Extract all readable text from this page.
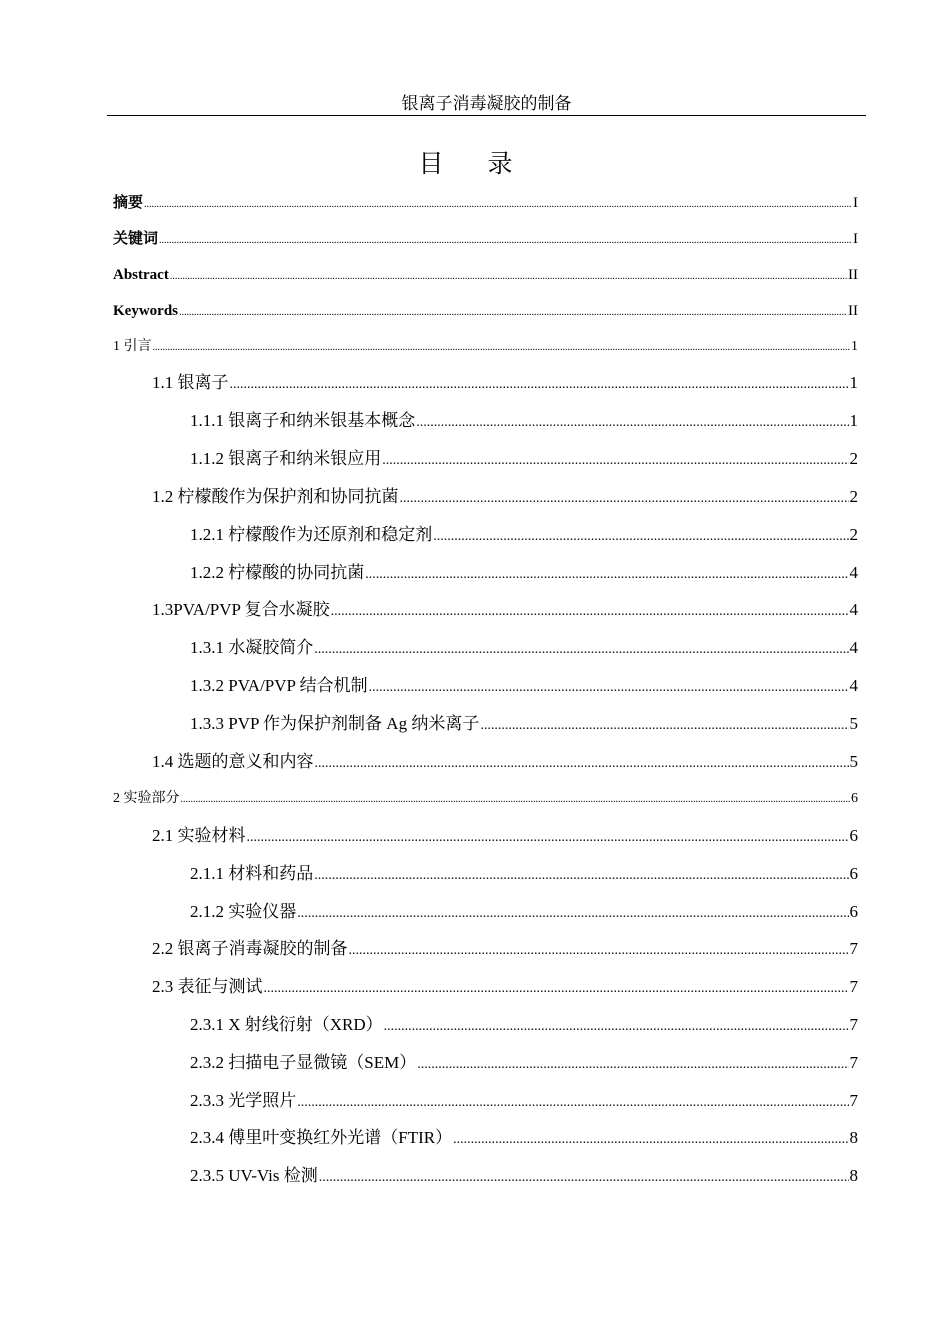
银离子消毒凝胶的制备
目录
摘要 .....	I
关键词 .....	I
Abstract .....	II
Keywords .....	II
1 引言 .....	1
1.1 银离子 .....	1
1.1.1 银离子和纳米银基本概念 .....	1
1.1.2 银离子和纳米银应用 .....	2
1.2 柠檬酸作为保护剂和协同抗菌 .....	2
1.2.1 柠檬酸作为还原剂和稳定剂 .....	2
1.2.2 柠檬酸的协同抗菌 .....	4
1.3PVA/PVP 复合水凝胶 .....	4
1.3.1 水凝胶简介 .....	4
1.3.2 PVA/PVP 结合机制 .....	4
1.3.3 PVP 作为保护剂制备 Ag 纳米离子 .....	5
1.4 选题的意义和内容 .....	5
2 实验部分 .....	6
2.1 实验材料 .....	6
2.1.1 材料和药品 .....	6
2.1.2 实验仪器 .....	6
2.2 银离子消毒凝胶的制备 .....	7
2.3 表征与测试 .....	7
2.3.1 X 射线衍射（XRD） .....	7
2.3.2 扫描电子显微镜（SEM） .....	7
2.3.3 光学照片 .....	7
2.3.4 傅里叶变换红外光谱（FTIR） .....	8
2.3.5 UV-Vis 检测 .....	8
